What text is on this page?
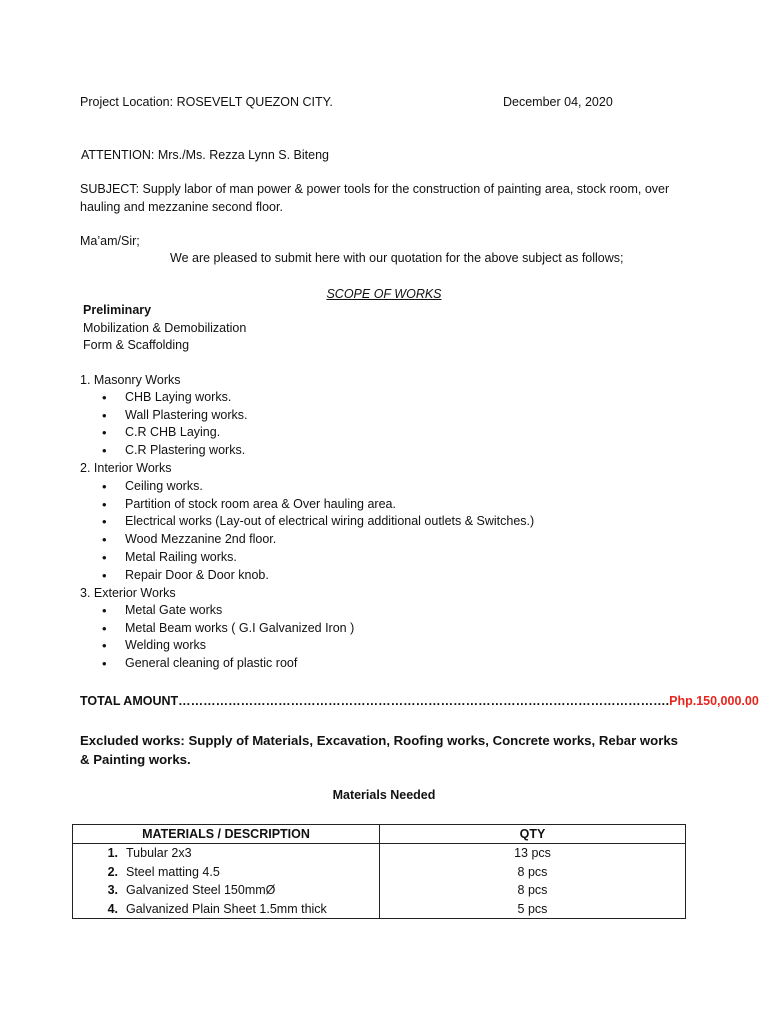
Project Location: ROSEVELT QUEZON CITY.	December 04, 2020
ATTENTION: Mrs./Ms. Rezza Lynn S. Biteng
SUBJECT: Supply labor of man power & power tools for the construction of painting area, stock room, over hauling and mezzanine second floor.
Ma’am/Sir;
We are pleased to submit here with our quotation for the above subject as follows;
SCOPE OF WORKS
Preliminary
Mobilization & Demobilization
Form & Scaffolding
1. Masonry Works
• CHB Laying works.
• Wall Plastering works.
• C.R CHB Laying.
• C.R Plastering works.
2. Interior Works
• Ceiling works.
• Partition of stock room area & Over hauling area.
• Electrical works (Lay-out of electrical wiring additional outlets & Switches.)
• Wood Mezzanine 2nd floor.
• Metal Railing works.
• Repair Door & Door knob.
3. Exterior Works
• Metal Gate works
• Metal Beam works ( G.I Galvanized Iron )
• Welding works
• General cleaning of plastic roof
TOTAL AMOUNT……………………………………………………………………………………………………….Php.150,000.00
Excluded works: Supply of Materials, Excavation, Roofing works, Concrete works, Rebar works & Painting works.
Materials Needed
MATERIALS / DESCRIPTION	QTY
1. Tubular 2x3	13 pcs
2. Steel matting 4.5	8 pcs
3. Galvanized Steel 150mmØ	8 pcs
4. Galvanized Plain Sheet 1.5mm thick	5 pcs
